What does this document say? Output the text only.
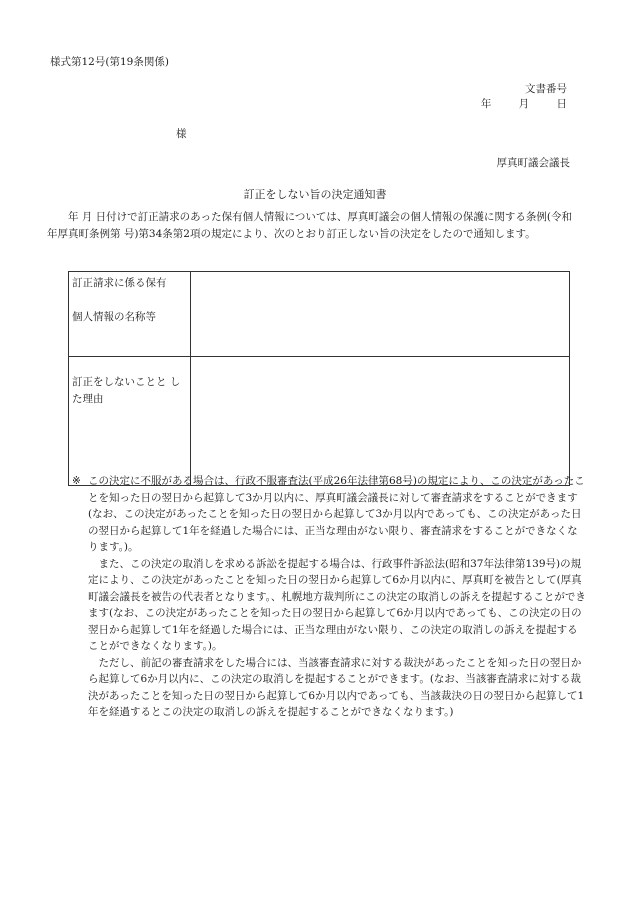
様式第12号(第19条関係)
文書番号
年	月	日
様
厚真町議会議長
訂正をしない旨の決定通知書
年 月 日付けで訂正請求のあった保有個人情報については、厚真町議会の個人情報の保護に関する条例(令和 年厚真町条例第 号)第34条第2項の規定により、次のとおり訂正しない旨の決定をしたので通知します。
訂正請求に係る保有
個人情報の名称等	

訂正をしないことと した理由	

※ この決定に不服がある場合は、行政不服審査法(平成26年法律第68号)の規定により、この決定があったことを知った日の翌日から起算して3か月以内に、厚真町議会議長に対して審査請求をすることができます(なお、この決定があったことを知った日の翌日から起算して3か月以内であっても、この決定があった日の翌日から起算して1年を経過した場合には、正当な理由がない限り、審査請求をすることができなくなります。)。

また、この決定の取消しを求める訴訟を提起する場合は、行政事件訴訟法(昭和37年法律第139号)の規定により、この決定があったことを知った日の翌日から起算して6か月以内に、厚真町を被告として(厚真町議会議長を被告の代表者となります。、札幌地方裁判所にこの決定の取消しの訴えを提起することができます(なお、この決定があったことを知った日の翌日から起算して6か月以内であっても、この決定の日の翌日から起算して1年を経過した場合には、正当な理由がない限り、この決定の取消しの訴えを提起することができなくなります。)。

ただし、前記の審査請求をした場合には、当該審査請求に対する裁決があったことを知った日の翌日から起算して6か月以内に、この決定の取消しを提起することができます。(なお、当該審査請求に対する裁決があったことを知った日の翌日から起算して6か月以内であっても、当該裁決の日の翌日から起算して1年を経過するとこの決定の取消しの訴えを提起することができなくなります。)
